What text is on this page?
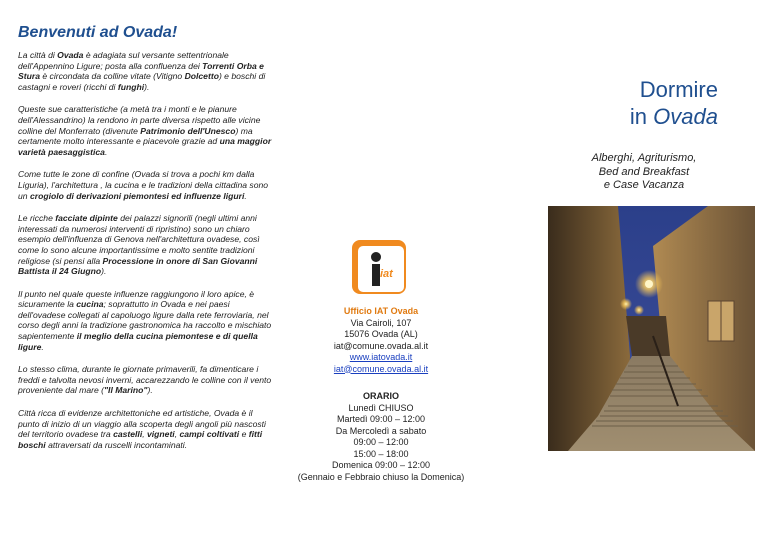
Benvenuti ad Ovada!

La città di Ovada è adagiata sul versante settentrionale dell'Appennino Ligure; posta alla confluenza dei Torrenti Orba e Stura è circondata da colline vitate (Vitigno Dolcetto) e boschi di castagni e roveri (ricchi di funghi).

Queste sue caratteristiche (a metà tra i monti e le pianure dell'Alessandrino) la rendono in parte diversa rispetto alle vicine colline del Monferrato (divenute Patrimonio dell'Unesco) ma certamente molto interessante e piacevole grazie ad una maggior varietà paesaggistica.

Come tutte le zone di confine (Ovada si trova a pochi km dalla Liguria), l'architettura , la cucina e le tradizioni della cittadina sono un crogiolo di derivazioni piemontesi ed influenze liguri.

Le ricche facciate dipinte dei palazzi signorili (negli ultimi anni interessati da numerosi interventi di ripristino) sono un chiaro esempio dell'influenza di Genova nell'architettura ovadese, così come lo sono alcune importantissime e molto sentite tradizioni religiose (si pensi alla Processione in onore di San Giovanni Battista il 24 Giugno).

Il punto nel quale queste influenze raggiungono il loro apice, è sicuramente la cucina; soprattutto in Ovada e nei paesi dell'ovadese collegati al capoluogo ligure dalla rete ferroviaria, nel corso degli anni la tradizione gastronomica ha raccolto e mischiato sapientemente il meglio della cucina piemontese e di quella ligure.

Lo stesso clima, durante le giornate primaverili, fa dimenticare i freddi e talvolta nevosi inverni, accarezzando le colline con il vento proveniente dal mare ("Il Marino").

Città ricca di evidenze architettoniche ed artistiche, Ovada è il punto di inizio di un viaggio alla scoperta degli angoli più nascosti del territorio ovadese tra castelli, vigneti, campi coltivati e fitti boschi attraversati da ruscelli incontaminati.

iat
Ufficio IAT Ovada
Via Cairoli, 107
15076 Ovada (AL)
iat@comune.ovada.al.it
www.iatovada.it
iat@comune.ovada.al.it
ORARIO
Lunedì CHIUSO
Martedì 09:00 – 12:00
Da Mercoledì a sabato
09:00 – 12:00
15:00 – 18:00
Domenica 09:00 – 12:00
(Gennaio e Febbraio chiuso la Domenica)
Dormire
in Ovada
Alberghi, Agriturismo,
Bed and Breakfast
e Case Vacanza
